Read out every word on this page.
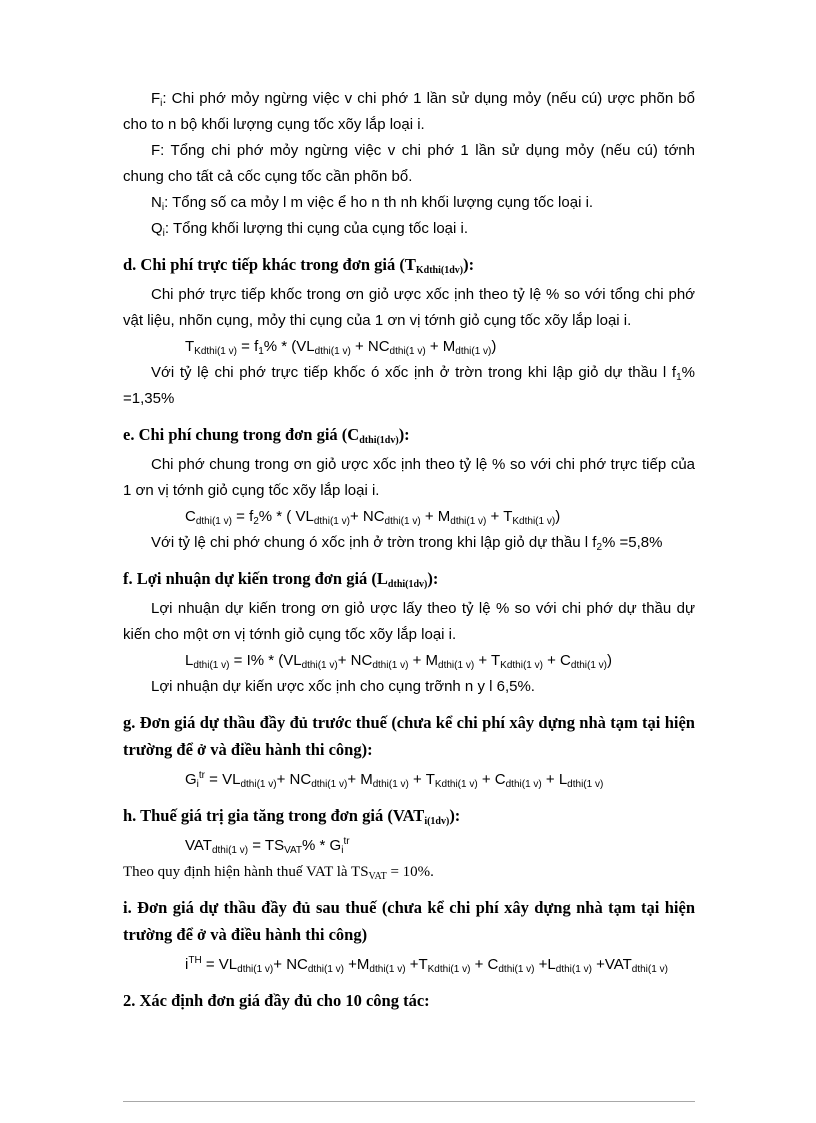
$F_i$: Chi phớ mỏy ngừng việc v chi phớ 1 lần sử dụng mỏy (nếu cú) ược phõn bổ cho to n bộ khối lượng cụng tốc xõy lắp loại i.

F: Tổng chi phớ mỏy ngừng việc v chi phớ 1 lần sử dụng mỏy (nếu cú) tớnh chung cho tất cả cốc cụng tốc cần phõn bổ.

$N_i$: Tổng số ca mỏy l m việc ể ho n th nh khối lượng cụng tốc loại i.

$Q_i$: Tổng khối lượng thi cụng của cụng tốc loại i.

d. Chi phí trực tiếp khác trong đơn giá $(T_{Kdthi(1dv)})$:

Chi phớ trực tiếp khốc trong ơn giỏ ược xốc ịnh theo tỷ lệ % so với tổng chi phớ vật liệu, nhõn cụng, mỏy thi cụng của 1 ơn vị tớnh giỏ cụng tốc xõy lắp loại i.

$T_{Kdthi(1 v)} = f_1\% * (VL_{dthi(1 v)} + NC_{dthi(1 v)} + M_{dthi(1 v)})$

Với tỷ lệ chi phớ trực tiếp khốc ó xốc ịnh ở trờn trong khi lập giỏ dự thầu l $f_1\% =1,35\%$

e. Chi phí chung trong đơn giá $(C_{dthi(1dv)})$:

Chi phớ chung trong ơn giỏ ược xốc ịnh theo tỷ lệ % so với chi phớ trực tiếp của 1 ơn vị tớnh giỏ cụng tốc xõy lắp loại i.

$C_{dthi(1 v)} = f_2\%$ * ( $VL_{dthi(1 v)}+ NC_{dthi(1 v)} + M_{dthi(1 v)} + T_{Kdthi(1 v)}$)

Với tỷ lệ chi phớ chung ó xốc ịnh ở trờn trong khi lập giỏ dự thầu l $f_2\% =5,8\%$

f. Lợi nhuận dự kiến trong đơn giá $(L_{dthi(1dv)})$:

Lợi nhuận dự kiến trong ơn giỏ ược lấy theo tỷ lệ % so với chi phớ dự thầu dự kiến cho một ơn vị tớnh giỏ cụng tốc xõy lắp loại i.

$L_{dthi(1 v)} = I\% * (VL_{dthi(1 v)}+ NC_{dthi(1 v)} + M_{dthi(1 v)} + T_{Kdthi(1 v)} + C_{dthi(1 v)})$

Lợi nhuận dự kiến ược xốc ịnh cho cụng trỡnh n y l 6,5%.

g. Đơn giá dự thầu đầy đủ trước thuế (chưa kể chi phí xây dựng nhà tạm tại hiện trường để ở và điều hành thi công):

$G_i^{tr} = VL_{dthi(1 v)}+ NC_{dthi(1 v)}+ M_{dthi(1 v)} + T_{Kdthi(1 v)} + C_{dthi(1 v)} + L_{dthi(1 v)}$

h. Thuế giá trị gia tăng trong đơn giá $(VAT_{i(1dv)})$:

$VAT_{dthi(1 v)} = TS_{VAT}\% * G_i^{tr}$

Theo quy định hiện hành thuế VAT là $TS_{VAT} = 10\%$.

i. Đơn giá dự thầu đầy đủ sau thuế (chưa kể chi phí xây dựng nhà tạm tại hiện trường để ở và điều hành thi công)

$i^{TH} = VL_{dthi(1 v)}+ NC_{dthi(1 v)} +M_{dthi(1 v)} +T_{Kdthi(1 v)} + C_{dthi(1 v)} +L_{dthi(1 v)} +VAT_{dthi(1 v)}$

2. Xác định đơn giá đầy đủ cho 10 công tác:
